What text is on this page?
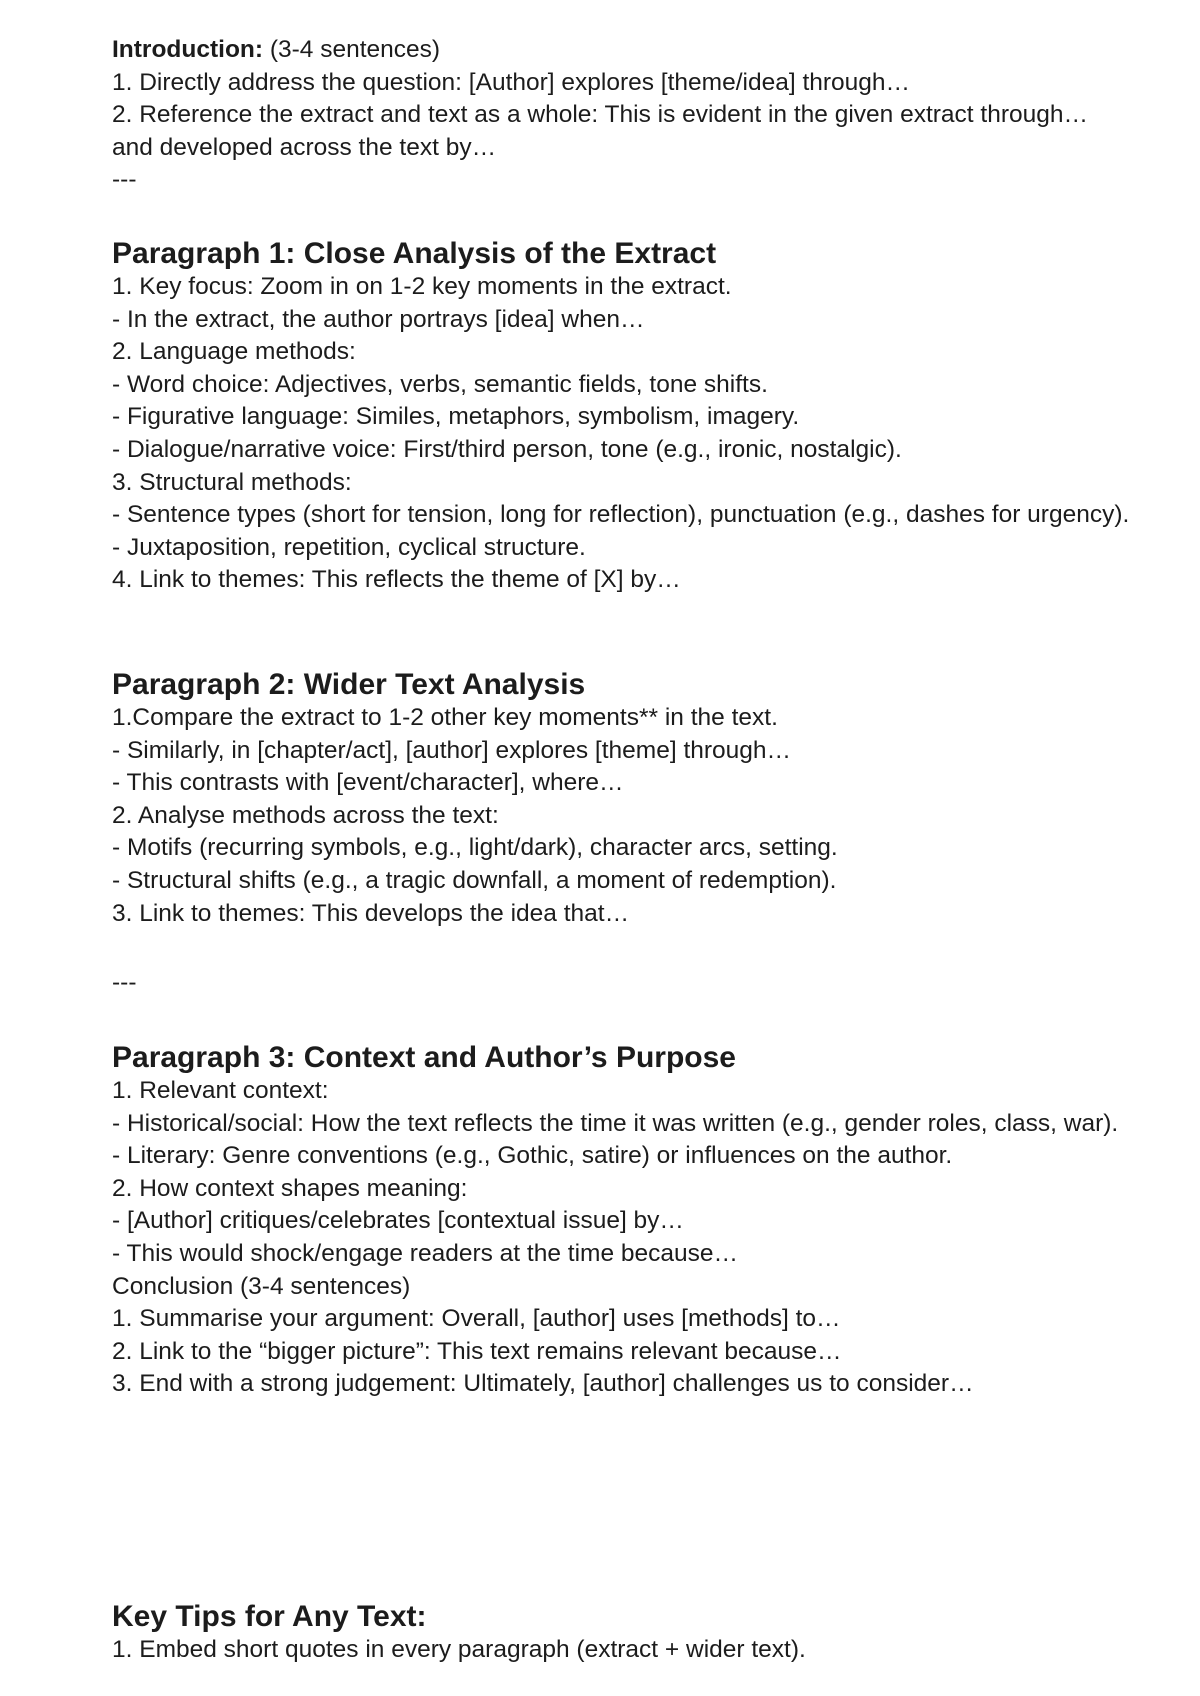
Introduction: (3-4 sentences)
1. Directly address the question: [Author] explores [theme/idea] through…
2. Reference the extract and text as a whole: This is evident in the given extract through… and developed across the text by…
---
Paragraph 1: Close Analysis of the Extract
1. Key focus: Zoom in on 1-2 key moments in the extract.
- In the extract, the author portrays [idea] when…
2. Language methods:
- Word choice: Adjectives, verbs, semantic fields, tone shifts.
- Figurative language: Similes, metaphors, symbolism, imagery.
- Dialogue/narrative voice: First/third person, tone (e.g., ironic, nostalgic).
3. Structural methods:
- Sentence types (short for tension, long for reflection), punctuation (e.g., dashes for urgency).
- Juxtaposition, repetition, cyclical structure.
4. Link to themes: This reflects the theme of [X] by…
Paragraph 2: Wider Text Analysis
1.Compare the extract to 1-2 other key moments** in the text.
- Similarly, in [chapter/act], [author] explores [theme] through…
- This contrasts with [event/character], where…
2. Analyse methods across the text:
- Motifs (recurring symbols, e.g., light/dark), character arcs, setting.
- Structural shifts (e.g., a tragic downfall, a moment of redemption).
3. Link to themes: This develops the idea that…
---
Paragraph 3: Context and Author’s Purpose
1. Relevant context:
- Historical/social: How the text reflects the time it was written (e.g., gender roles, class, war).
- Literary: Genre conventions (e.g., Gothic, satire) or influences on the author.
2. How context shapes meaning:
- [Author] critiques/celebrates [contextual issue] by…
- This would shock/engage readers at the time because…
Conclusion (3-4 sentences)
1. Summarise your argument: Overall, [author] uses [methods] to…
2. Link to the “bigger picture”: This text remains relevant because…
3. End with a strong judgement: Ultimately, [author] challenges us to consider…
Key Tips for Any Text:
1. Embed short quotes in every paragraph (extract + wider text).
